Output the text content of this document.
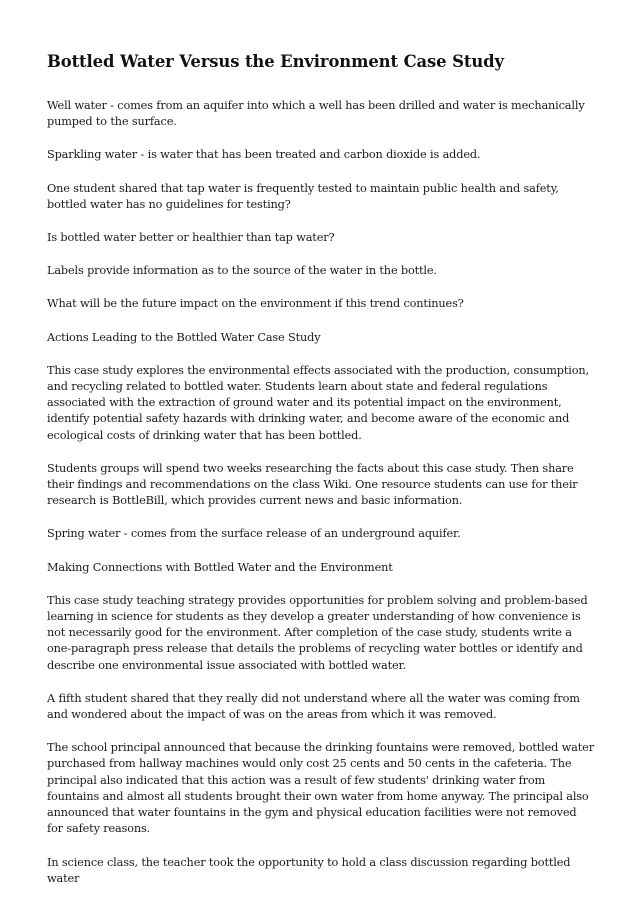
Bottled Water Versus the Environment Case Study

Well water - comes from an aquifer into which a well has been drilled and water is mechanically pumped to the surface.

Sparkling water - is water that has been treated and carbon dioxide is added.

One student shared that tap water is frequently tested to maintain public health and safety, bottled water has no guidelines for testing?

Is bottled water better or healthier than tap water?

Labels provide information as to the source of the water in the bottle.

What will be the future impact on the environment if this trend continues?

Actions Leading to the Bottled Water Case Study

This case study explores the environmental effects associated with the production, consumption, and recycling related to bottled water. Students learn about state and federal regulations associated with the extraction of ground water and its potential impact on the environment, identify potential safety hazards with drinking water, and become aware of the economic and ecological costs of drinking water that has been bottled.

Students groups will spend two weeks researching the facts about this case study. Then share their findings and recommendations on the class Wiki. One resource students can use for their research is BottleBill, which provides current news and basic information.

Spring water - comes from the surface release of an underground aquifer.

Making Connections with Bottled Water and the Environment

This case study teaching strategy provides opportunities for problem solving and problem-based learning in science for students as they develop a greater understanding of how convenience is not necessarily good for the environment. After completion of the case study, students write a one-paragraph press release that details the problems of recycling water bottles or identify and describe one environmental issue associated with bottled water.

A fifth student shared that they really did not understand where all the water was coming from and wondered about the impact of was on the areas from which it was removed.

The school principal announced that because the drinking fountains were removed, bottled water purchased from hallway machines would only cost 25 cents and 50 cents in the cafeteria. The principal also indicated that this action was a result of few students' drinking water from fountains and almost all students brought their own water from home anyway. The principal also announced that water fountains in the gym and physical education facilities were not removed for safety reasons.

In science class, the teacher took the opportunity to hold a class discussion regarding bottled water
